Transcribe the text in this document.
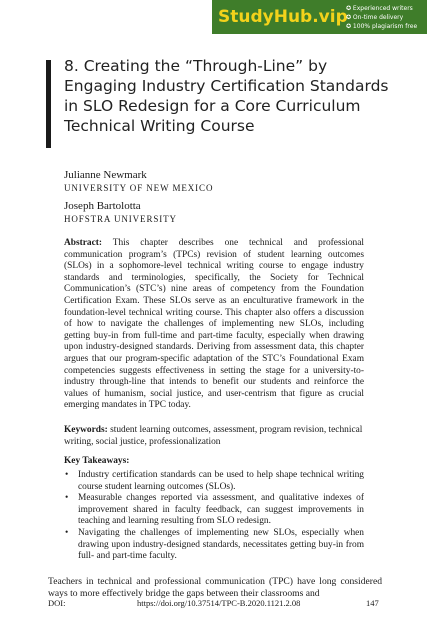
StudyHub.vip
✪ Experienced writers
✪ On-time delivery
✪ 100% plagiarism free
8. Creating the “Through-Line” by Engaging Industry Certification Standards in SLO Redesign for a Core Curriculum Technical Writing Course
Julianne Newmark
UNIVERSITY OF NEW MEXICO
Joseph Bartolotta
HOFSTRA UNIVERSITY
Abstract: This chapter describes one technical and professional communication program’s (TPCs) revision of student learning outcomes (SLOs) in a sophomore-level technical writing course to engage industry standards and terminologies, specifically, the Society for Technical Communication’s (STC’s) nine areas of competency from the Foundation Certification Exam. These SLOs serve as an enculturative framework in the foundation-level technical writing course. This chapter also offers a discussion of how to navigate the challenges of implementing new SLOs, including getting buy-in from full-time and part-time faculty, especially when drawing upon industry-designed standards. Deriving from assessment data, this chapter argues that our program-specific adaptation of the STC’s Foundational Exam competencies suggests effectiveness in setting the stage for a university-to-industry through-line that intends to benefit our students and reinforce the values of humanism, social justice, and user-centrism that figure as crucial emerging mandates in TPC today.
Keywords: student learning outcomes, assessment, program revision, technical writing, social justice, professionalization
Key Takeaways:
• Industry certification standards can be used to help shape technical writing course student learning outcomes (SLOs).
• Measurable changes reported via assessment, and qualitative indexes of improvement shared in faculty feedback, can suggest improvements in teaching and learning resulting from SLO redesign.
• Navigating the challenges of implementing new SLOs, especially when drawing upon industry-designed standards, necessitates getting buy-in from full- and part-time faculty.
Teachers in technical and professional communication (TPC) have long considered ways to more effectively bridge the gaps between their classrooms and
DOI:	https://doi.org/10.37514/TPC-B.2020.1121.2.08	147
